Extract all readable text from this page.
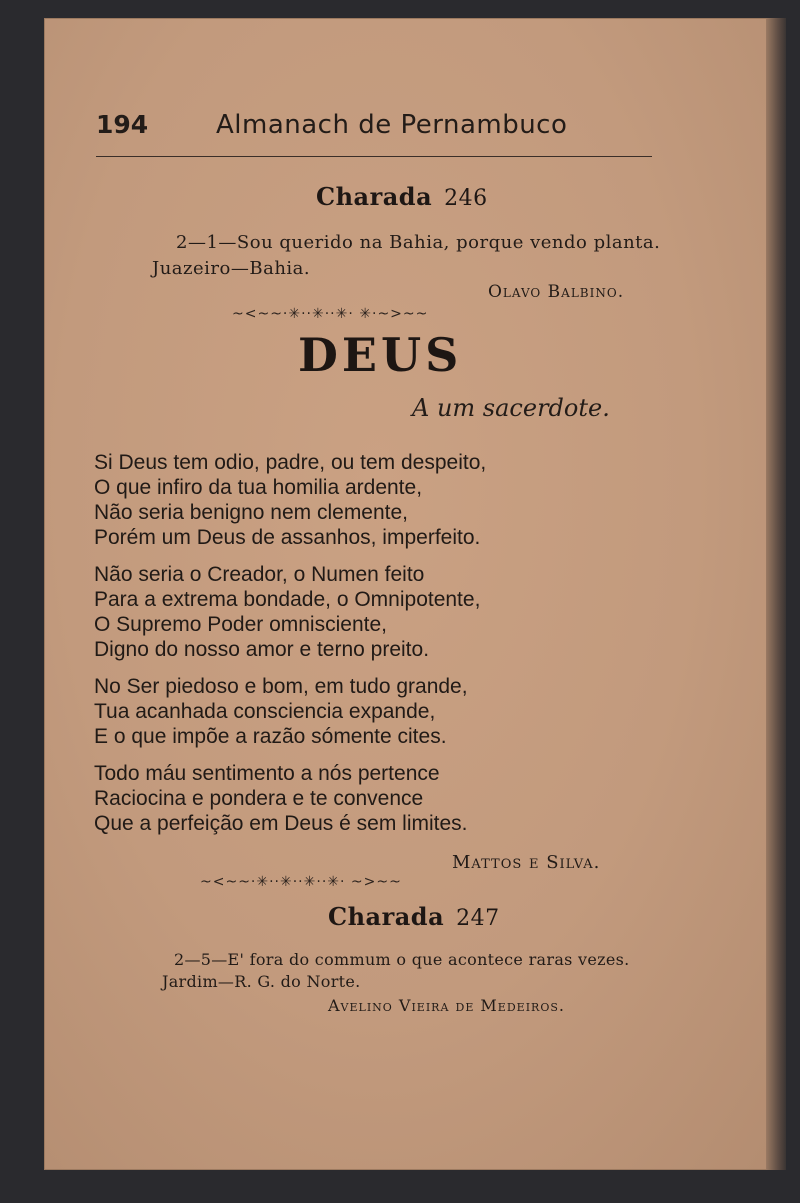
194	Almanach de Pernambuco
Charada 246
2—1—Sou querido na Bahia, porque vendo planta.
Juazeiro—Bahia.
Olavo Balbino.
~<~~·✳··✳··✳· ✳·~>~~
DEUS
A um sacerdote.
Si Deus tem odio, padre, ou tem despeito,
O que infiro da tua homilia ardente,
Não seria benigno nem clemente,
Porém um Deus de assanhos, imperfeito.
Não seria o Creador, o Numen feito
Para a extrema bondade, o Omnipotente,
O Supremo Poder omnisciente,
Digno do nosso amor e terno preito.
No Ser piedoso e bom, em tudo grande,
Tua acanhada consciencia expande,
E o que impõe a razão sómente cites.
Todo máu sentimento a nós pertence
Raciocina e pondera e te convence
Que a perfeição em Deus é sem limites.
Mattos e Silva.
~<~~·✳··✳··✳··✳· ~>~~
Charada 247
2—5—E' fora do commum o que acontece raras vezes.
Jardim—R. G. do Norte.
Avelino Vieira de Medeiros.
